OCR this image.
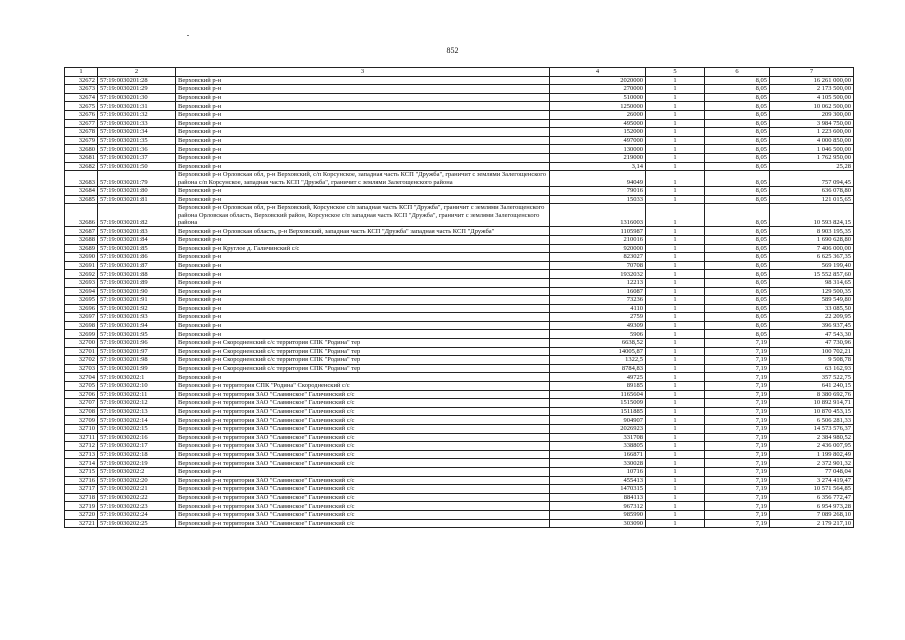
852
1	2	3	4	5	6	7
32672	57:19:0030201:28	Верховский р-н	2020000	1	8,05	16 261 000,00
32673	57:19:0030201:29	Верховский р-н	270000	1	8,05	2 173 500,00
32674	57:19:0030201:30	Верховский р-н	510000	1	8,05	4 105 500,00
32675	57:19:0030201:31	Верховский р-н	1250000	1	8,05	10 062 500,00
32676	57:19:0030201:32	Верховский р-н	26000	1	8,05	209 300,00
32677	57:19:0030201:33	Верховский р-н	495000	1	8,05	3 984 750,00
32678	57:19:0030201:34	Верховский р-н	152000	1	8,05	1 223 600,00
32679	57:19:0030201:35	Верховский р-н	497000	1	8,05	4 000 850,00
32680	57:19:0030201:36	Верховский р-н	130000	1	8,05	1 046 500,00
32681	57:19:0030201:37	Верховский р-н	219000	1	8,05	1 762 950,00
32682	57:19:0030201:50	Верховский р-н	3,14	1	8,05	25,28
32683	57:19:0030201:79	Верховский р-н Орловская обл, р-н Верховский, с/п Корсунское, западная часть КСП "Дружба", граничит с землями Залегощенского района с/п Корсунское, западная часть КСП "Дружба", граничит с землями Залегощенского района	94049	1	8,05	757 094,45
32684	57:19:0030201:80	Верховский р-н	79016	1	8,05	636 078,80
32685	57:19:0030201:81	Верховский р-н	15033	1	8,05	121 015,65
32686	57:19:0030201:82	Верховский р-н Орловская обл, р-н Верховский, Корсунское с/п западная часть КСП "Дружба", граничит с землями Залегощенского района Орловская область, Верховский район, Корсунское с/п западная часть КСП "Дружба", граничит с землями Залегощенского района	1316003	1	8,05	10 593 824,15
32687	57:19:0030201:83	Верховский р-н Орловская область, р-н Верховский, западная часть КСП "Дружба" западная часть КСП "Дружба"	1105987	1	8,05	8 903 195,35
32688	57:19:0030201:84	Верховский р-н	210016	1	8,05	1 690 628,80
32689	57:19:0030201:85	Верховский р-н Круглое д. Галичинский с/с	920000	1	8,05	7 406 000,00
32690	57:19:0030201:86	Верховский р-н	823027	1	8,05	6 625 367,35
32691	57:19:0030201:87	Верховский р-н	70708	1	8,05	569 199,40
32692	57:19:0030201:88	Верховский р-н	1932032	1	8,05	15 552 857,60
32693	57:19:0030201:89	Верховский р-н	12213	1	8,05	98 314,65
32694	57:19:0030201:90	Верховский р-н	16087	1	8,05	129 500,35
32695	57:19:0030201:91	Верховский р-н	73236	1	8,05	589 549,80
32696	57:19:0030201:92	Верховский р-н	4110	1	8,05	33 085,50
32697	57:19:0030201:93	Верховский р-н	2759	1	8,05	22 209,95
32698	57:19:0030201:94	Верховский р-н	49309	1	8,05	396 937,45
32699	57:19:0030201:95	Верховский р-н	5906	1	8,05	47 543,30
32700	57:19:0030201:96	Верховский р-н Скородненский с/с территория СПК "Родина" тер	6638,52	1	7,19	47 730,96
32701	57:19:0030201:97	Верховский р-н Скородненский с/с территория СПК "Родина" тер	14005,87	1	7,19	100 702,21
32702	57:19:0030201:98	Верховский р-н Скородненский с/с территория СПК "Родина" тер	1322,5	1	7,19	9 508,78
32703	57:19:0030201:99	Верховский р-н Скородненский с/с территория СПК "Родина" тер	8784,83	1	7,19	63 162,93
32704	57:19:0030202:1	Верховский р-н	49725	1	7,19	357 522,75
32705	57:19:0030202:10	Верховский р-н территория СПК "Родина" Скородненский с/с	89185	1	7,19	641 240,15
32706	57:19:0030202:11	Верховский р-н территория ЗАО "Славянское" Галичинский с/с	1165604	1	7,19	8 380 692,76
32707	57:19:0030202:12	Верховский р-н территория ЗАО "Славянское" Галичинский с/с	1515009	1	7,19	10 892 914,71
32708	57:19:0030202:13	Верховский р-н территория ЗАО "Славянское" Галичинский с/с	1511885	1	7,19	10 870 453,15
32709	57:19:0030202:14	Верховский р-н территория ЗАО "Славянское" Галичинский с/с	904907	1	7,19	6 506 281,33
32710	57:19:0030202:15	Верховский р-н территория ЗАО "Славянское" Галичинский с/с	2026923	1	7,19	14 573 576,37
32711	57:19:0030202:16	Верховский р-н территория ЗАО "Славянское" Галичинский с/с	331708	1	7,19	2 384 980,52
32712	57:19:0030202:17	Верховский р-н территория ЗАО "Славянское" Галичинский с/с	338805	1	7,19	2 436 007,95
32713	57:19:0030202:18	Верховский р-н территория ЗАО "Славянское" Галичинский с/с	166871	1	7,19	1 199 802,49
32714	57:19:0030202:19	Верховский р-н территория ЗАО "Славянское" Галичинский с/с	330028	1	7,19	2 372 901,32
32715	57:19:0030202:2	Верховский р-н	10716	1	7,19	77 048,04
32716	57:19:0030202:20	Верховский р-н территория ЗАО "Славянское" Галичинский с/с	455413	1	7,19	3 274 419,47
32717	57:19:0030202:21	Верховский р-н территория ЗАО "Славянское" Галичинский с/с	1470315	1	7,19	10 571 564,85
32718	57:19:0030202:22	Верховский р-н территория ЗАО "Славянское" Галичинский с/с	884113	1	7,19	6 356 772,47
32719	57:19:0030202:23	Верховский р-н территория ЗАО "Славянское" Галичинский с/с	967312	1	7,19	6 954 973,28
32720	57:19:0030202:24	Верховский р-н территория ЗАО "Славянское" Галичинский с/с	985990	1	7,19	7 089 268,10
32721	57:19:0030202:25	Верховский р-н территория ЗАО "Славянское" Галичинский с/с	303090	1	7,19	2 179 217,10
